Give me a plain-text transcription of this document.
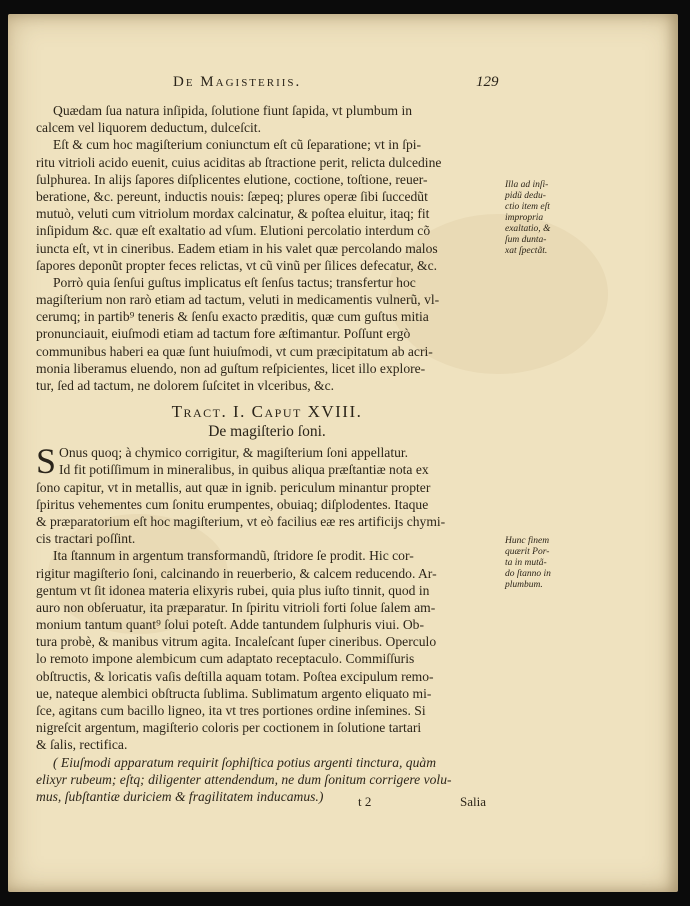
De Magisteriis.	129
Quædam ſua natura inſipida, ſolutione fiunt ſapida, vt plumbum in
calcem vel liquorem deductum, dulceſcit.
Eſt & cum hoc magiſterium coniunctum eſt cũ ſeparatione; vt in ſpi-
ritu vitrioli acido euenit, cuius aciditas ab ſtractione perit, relicta dulcedine
ſulphurea. In alijs ſapores diſplicentes elutione, coctione, toſtione, reuer-
beratione, &c. pereunt, inductis nouis: ſæpeq; plures operæ ſibi ſuccedũt
mutuò, veluti cum vitriolum mordax calcinatur, & poſtea eluitur, itaq; fit
inſipidum &c. quæ eſt exaltatio ad vſum. Elutioni percolatio interdum cõ
iuncta eſt, vt in cineribus. Eadem etiam in his valet quæ percolando malos
ſapores deponũt propter feces relictas, vt cũ vinũ per ſilices defecatur, &c.
Porrò quia ſenſui guſtus implicatus eſt ſenſus tactus; transfertur hoc
magiſterium non rarò etiam ad tactum, veluti in medicamentis vulnerũ, vl-
cerumq; in partib⁹ teneris & ſenſu exacto præditis, quæ cum guſtus mitia
pronunciauit, eiuſmodi etiam ad tactum fore æſtimantur. Poſſunt ergò
communibus haberi ea quæ ſunt huiuſmodi, vt cum præcipitatum ab acri-
monia liberamus eluendo, non ad guſtum reſpicientes, licet illo explore-
tur, ſed ad tactum, ne dolorem ſuſcitet in vlceribus, &c.
Tract. I. Caput XVIII.
De magiſterio ſoni.
S Onus quoq; à chymico corrigitur, & magiſterium ſoni appellatur.
Id fit potiſſimum in mineralibus, in quibus aliqua præſtantiæ nota ex
ſono capitur, vt in metallis, aut quæ in ignib. periculum minantur propter
ſpiritus vehementes cum ſonitu erumpentes, obuiaq; diſplodentes. Itaque
& præparatorium eſt hoc magiſterium, vt eò facilius eæ res artificijs chymi-
cis tractari poſſint.
Ita ſtannum in argentum transformandũ, ſtridore ſe prodit. Hic cor-
rigitur magiſterio ſoni, calcinando in reuerberio, & calcem reducendo. Ar-
gentum vt ſit idonea materia elixyris rubei, quia plus iuſto tinnit, quod in
auro non obſeruatur, ita præparatur. In ſpiritu vitrioli forti ſolue ſalem am-
monium tantum quant⁹ ſolui poteſt. Adde tantundem ſulphuris viui. Ob-
tura probè, & manibus vitrum agita. Incaleſcant ſuper cineribus. Operculo
lo remoto impone alembicum cum adaptato receptaculo. Commiſſuris
obſtructis, & loricatis vaſis deſtilla aquam totam. Poſtea excipulum remo-
ue, nateque alembici obſtructa ſublima. Sublimatum argento eliquato mi-
ſce, agitans cum bacillo ligneo, ita vt tres portiones ordine inſemines. Si
nigreſcit argentum, magiſterio coloris per coctionem in ſolutione tartari
& ſalis, rectifica.
( Eiuſmodi apparatum requirit ſophiſtica potius argenti tinctura, quàm
elixyr rubeum; eſtq; diligenter attendendum, ne dum ſonitum corrigere volu-
mus, ſubſtantiæ duriciem & fragilitatem inducamus.)
Illa ad inſi-
pidũ dedu-
ctio item eſt
impropria
exaltatio, &
ſum dunta-
xat ſpectãt.
Hunc finem
quærit Por-
ta in mutã-
do ſtanno in
plumbum.
t 2	Salia
